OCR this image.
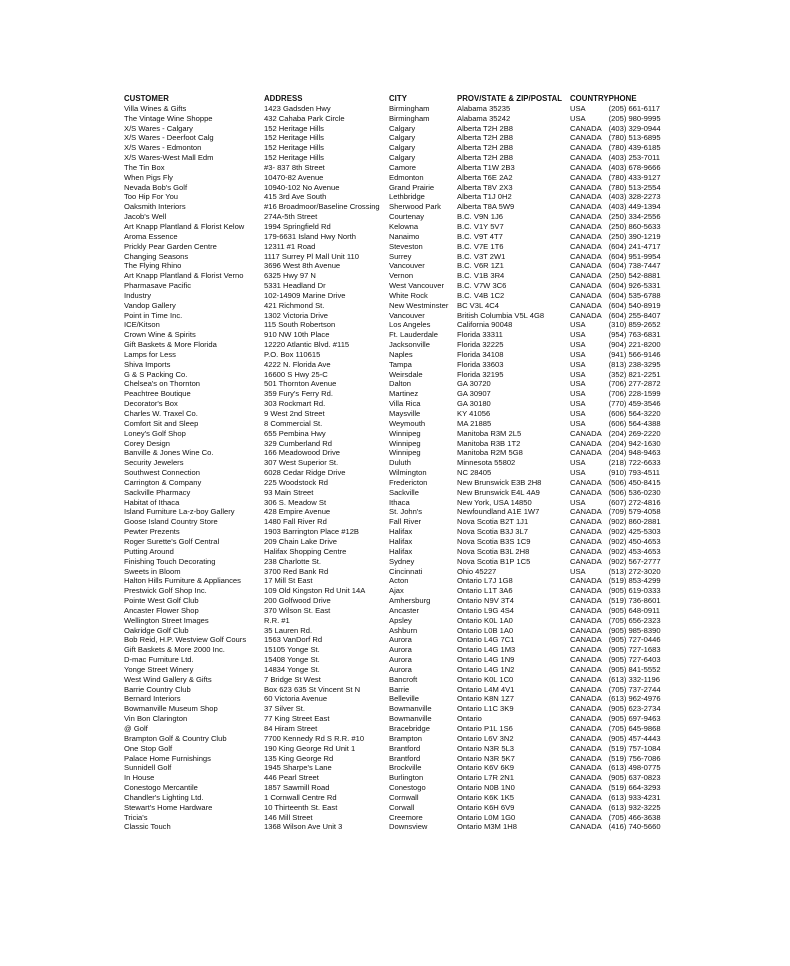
CUSTOMER	ADDRESS	CITY	PROV/STATE & ZIP/POSTAL	COUNTRY	PHONE
Villa Wines & Gifts	1423 Gadsden Hwy	Birmingham	Alabama 35235	USA	(205) 661-6117
The Vintage Wine Shoppe	432 Cahaba Park Circle	Birmingham	Alabama 35242	USA	(205) 980-9995
X/S Wares - Calgary	152 Heritage Hills	Calgary	Alberta T2H 2B8	CANADA	(403) 329-0944
X/S Wares - Deerfoot Calg	152 Heritage Hills	Calgary	Alberta T2H 2B8	CANADA	(780) 513-6895
X/S Wares - Edmonton	152 Heritage Hills	Calgary	Alberta T2H 2B8	CANADA	(780) 439-6185
X/S Wares-West Mall Edm	152 Heritage Hills	Calgary	Alberta T2H 2B8	CANADA	(403) 253-7011
The Tin Box	#3- 837 8th Street	Camore	Alberta T1W 2B3	CANADA	(403) 678-9666
When Pigs Fly	10470-82 Avenue	Edmonton	Alberta T6E 2A2	CANADA	(780) 433-9127
Nevada Bob's Golf	10940-102 No Avenue	Grand Prairie	Alberta T8V 2X3	CANADA	(780) 513-2554
Too Hip For You	415 3rd Ave South	Lethbridge	Alberta T1J 0H2	CANADA	(403) 328-2273
Oaksmith Interiors	#16 Broadmoor/Baseline Crossing	Sherwood Park	Alberta T8A 5W9	CANADA	(403) 449-1394
Jacob's Well	274A-5th Street	Courtenay	B.C. V9N 1J6	CANADA	(250) 334-2556
Art Knapp Plantland & Florist Kelow	1994 Springfield Rd	Kelowna	B.C. V1Y 5V7	CANADA	(250) 860-5633
Aroma Essence	179-6631 Island Hwy North	Nanaimo	B.C. V9T 4T7	CANADA	(250) 390-1219
Prickly Pear Garden Centre	12311 #1 Road	Steveston	B.C. V7E 1T6	CANADA	(604) 241-4717
Changing Seasons	1117 Surrey Pl Mall Unit 110	Surrey	B.C. V3T 2W1	CANADA	(604) 951-9954
The Flying Rhino	3696 West 8th Avenue	Vancouver	B.C. V6R 1Z1	CANADA	(604) 738-7447
Art Knapp Plantland & Florist Verno	6325 Hwy 97 N	Vernon	B.C. V1B 3R4	CANADA	(250) 542-8881
Pharmasave Pacific	5331 Headland Dr	West Vancouver	B.C. V7W 3C6	CANADA	(604) 926-5331
Industry	102-14909 Marine Drive	White Rock	B.C. V4B 1C2	CANADA	(604) 535-6788
Vandop Gallery	421 Richmond St.	New Westminster	BC V3L 4C4	CANADA	(604) 540-8919
Point in Time Inc.	1302 Victoria Drive	Vancouver	British Columbia V5L 4G8	CANADA	(604) 255-8407
ICE/Kitson	115 South Robertson	Los Angeles	California 90048	USA	(310) 859-2652
Crown Wine & Spirits	910 NW 10th Place	Ft. Lauderdale	Florida 33311	USA	(954) 763-6831
Gift Baskets & More Florida	12220 Atlantic Blvd. #115	Jacksonville	Florida 32225	USA	(904) 221-8200
Lamps for Less	P.O. Box 110615	Naples	Florida 34108	USA	(941) 566-9146
Shiva Imports	4222 N. Florida Ave	Tampa	Florida 33603	USA	(813) 238-3295
G & S Packing Co.	16600 S Hwy 25-C	Weirsdale	Florida 32195	USA	(352) 821-2251
Chelsea's on Thornton	501 Thornton Avenue	Dalton	GA 30720	USA	(706) 277-2872
Peachtree Boutique	359 Fury's Ferry Rd.	Martinez	GA 30907	USA	(706) 228-1599
Decorator's Box	303 Rockmart Rd.	Villa Rica	GA 30180	USA	(770) 459-3546
Charles W. Traxel Co.	9 West 2nd Street	Maysville	KY 41056	USA	(606) 564-3220
Comfort Sit and Sleep	8 Commercial St.	Weymouth	MA 21885	USA	(606) 564-4388
Loney's Golf Shop	655 Pembina Hwy	Winnipeg	Manitoba R3M 2L5	CANADA	(204) 269-2220
Corey Design	329 Cumberland Rd	Winnipeg	Manitoba R3B 1T2	CANADA	(204) 942-1630
Banville & Jones Wine Co.	166 Meadowood Drive	Winnipeg	Manitoba R2M 5G8	CANADA	(204) 948-9463
Security Jewelers	307 West Superior St.	Duluth	Minnesota 55802	USA	(218) 722-6633
Southwest Connection	6028 Cedar Ridge Drive	Wilmington	NC 28405	USA	(910) 793-4511
Carrington & Company	225 Woodstock Rd	Fredericton	New Brunswick E3B 2H8	CANADA	(506) 450-8415
Sackville Pharmacy	93 Main Street	Sackville	New Brunswick E4L 4A9	CANADA	(506) 536-0230
Habitat of Ithaca	306 S. Meadow St	Ithaca	New York, USA 14850	USA	(607) 272-4816
Island Furniture La-z-boy Gallery	428 Empire Avenue	St. John's	Newfoundland A1E 1W7	CANADA	(709) 579-4058
Goose Island Country Store	1480 Fall River Rd	Fall River	Nova Scotia B2T 1J1	CANADA	(902) 860-2881
Pewter Prezents	1903 Barrington Place #12B	Halifax	Nova Scotia B3J 3L7	CANADA	(902) 425-5303
Roger Surette's Golf Central	209 Chain Lake Drive	Halifax	Nova Scotia B3S 1C9	CANADA	(902) 450-4653
Putting Around	Halifax Shopping Centre	Halifax	Nova Scotia B3L 2H8	CANADA	(902) 453-4653
Finishing Touch Decorating	238 Charlotte St.	Sydney	Nova Scotia B1P 1C5	CANADA	(902) 567-2777
Sweets in Bloom	3700 Red Bank Rd	Cincinnati	Ohio 45227	USA	(513) 272-3020
Halton Hills Furniture & Appliances	17 Mill St East	Acton	Ontario L7J 1G8	CANADA	(519) 853-4299
Prestwick Golf Shop Inc.	109 Old Kingston Rd Unit 14A	Ajax	Ontario L1T 3A6	CANADA	(905) 619-0333
Pointe West Golf Club	200 Golfwood Drive	Amhersburg	Ontario N9V 3T4	CANADA	(519) 736-8601
Ancaster Flower Shop	370 Wilson St. East	Ancaster	Ontario L9G 4S4	CANADA	(905) 648-0911
Wellington Street Images	R.R. #1	Apsley	Ontario K0L 1A0	CANADA	(705) 656-2323
Oakridge Golf Club	35 Lauren Rd.	Ashburn	Ontario L0B 1A0	CANADA	(905) 985-8390
Bob Reid, H.P. Westview Golf Cours	1563 VanDorf Rd	Aurora	Ontario L4G 7C1	CANADA	(905) 727-0446
Gift Baskets & More 2000 Inc.	15105 Yonge St.	Aurora	Ontario L4G 1M3	CANADA	(905) 727-1683
D-mac Furniture Ltd.	15408 Yonge St.	Aurora	Ontario L4G 1N9	CANADA	(905) 727-6403
Yonge Street Winery	14834 Yonge St.	Aurora	Ontario L4G 1N2	CANADA	(905) 841-5552
West Wind Gallery & Gifts	7 Bridge St West	Bancroft	Ontario K0L 1C0	CANADA	(613) 332-1196
Barrie Country Club	Box 623 635 St Vincent St N	Barrie	Ontario L4M 4V1	CANADA	(705) 737-2744
Bernard Interiors	60 Victoria Avenue	Belleville	Ontario K8N 1Z7	CANADA	(613) 962-4976
Bowmanville Museum Shop	37 Silver St.	Bowmanville	Ontario L1C 3K9	CANADA	(905) 623-2734
Vin Bon Clarington	77 King Street East	Bowmanville	Ontario	CANADA	(905) 697-9463
@ Golf	84 Hiram Street	Bracebridge	Ontario P1L 1S6	CANADA	(705) 645-9868
Brampton Golf & Country Club	7700 Kennedy Rd S R.R. #10	Brampton	Ontario L6V 3N2	CANADA	(905) 457-4443
One Stop Golf	190 King George Rd Unit 1	Brantford	Ontario N3R 5L3	CANADA	(519) 757-1084
Palace Home Furnishings	135 King George Rd	Brantford	Ontario N3R 5K7	CANADA	(519) 756-7086
Sunnidell Golf	1945 Sharpe's Lane	Brockville	Ontario K6V 6K9	CANADA	(613) 498-0775
In House	446 Pearl Street	Burlington	Ontario L7R 2N1	CANADA	(905) 637-0823
Conestogo Mercantile	1857 Sawmill Road	Conestogo	Ontario N0B 1N0	CANADA	(519) 664-3293
Chandler's Lighting Ltd.	1 Cornwall Centre Rd	Cornwall	Ontario K6K 1K5	CANADA	(613) 933-4231
Stewart's Home Hardware	10 Thirteenth St. East	Corwall	Ontario K6H 6V9	CANADA	(613) 932-3225
Tricia's	146 Mill Street	Creemore	Ontario L0M 1G0	CANADA	(705) 466-3638
Classic Touch	1368 Wilson Ave Unit 3	Downsview	Ontario M3M 1H8	CANADA	(416) 740-5660
